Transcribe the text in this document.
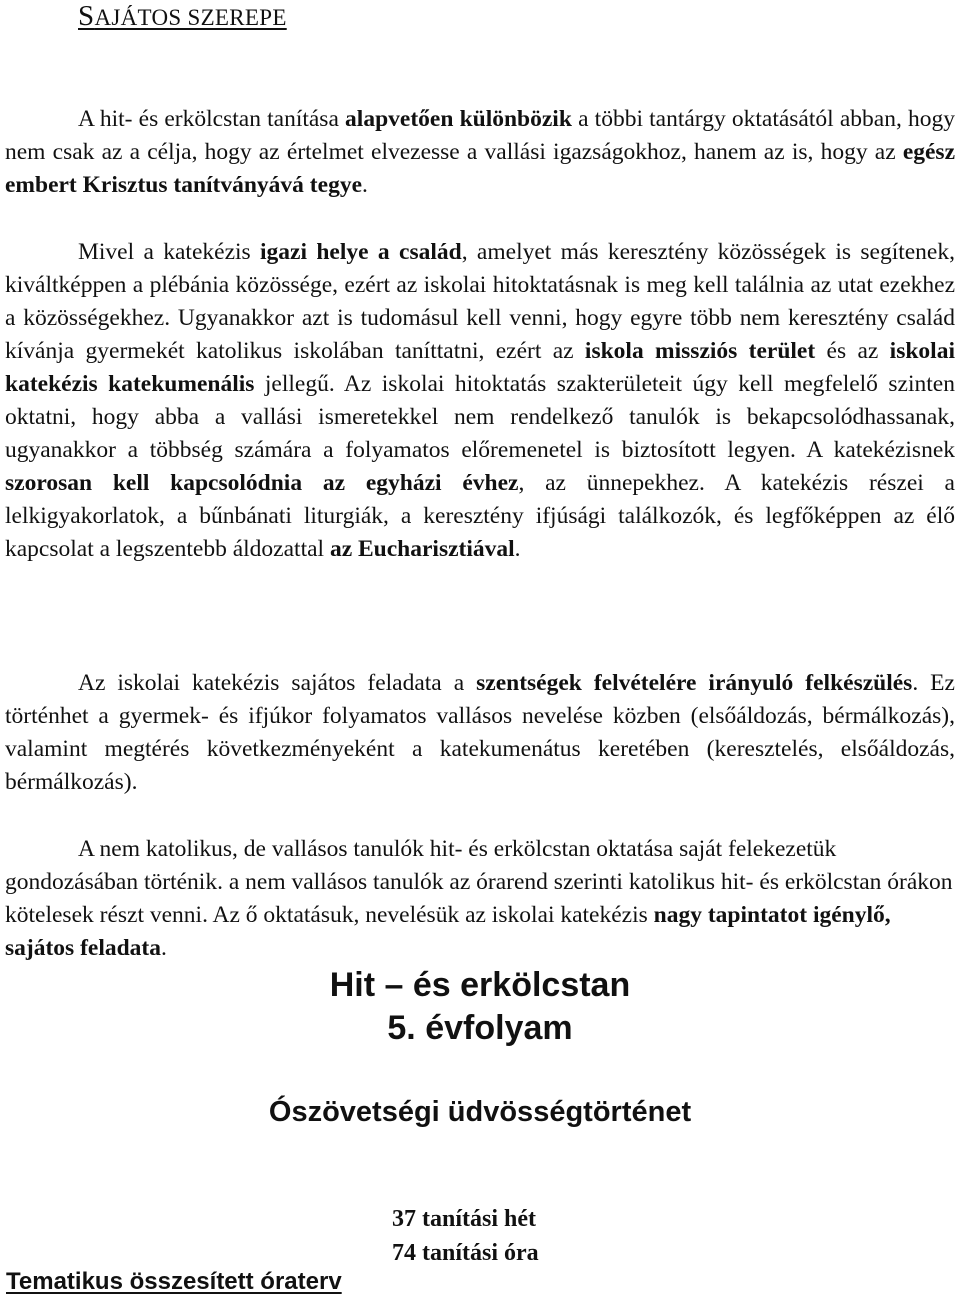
SAJÁTOS SZEREPE

A hit- és erkölcstan tanítása alapvetően különbözik a többi tantárgy oktatásától abban, hogy nem csak az a célja, hogy az értelmet elvezesse a vallási igazságokhoz, hanem az is, hogy az egész embert Krisztus tanítványává tegye.

Mivel a katekézis igazi helye a család, amelyet más keresztény közösségek is segítenek, kiváltképpen a plébánia közössége, ezért az iskolai hitoktatásnak is meg kell találnia az utat ezekhez a közösségekhez. Ugyanakkor azt is tudomásul kell venni, hogy egyre több nem keresztény család kívánja gyermekét katolikus iskolában taníttatni, ezért az iskola missziós terület és az iskolai katekézis katekumenális jellegű. Az iskolai hitoktatás szakterületeit úgy kell megfelelő szinten oktatni, hogy abba a vallási ismeretekkel nem rendelkező tanulók is bekapcsolódhassanak, ugyanakkor a többség számára a folyamatos előremenetel is biztosított legyen. A katekézisnek szorosan kell kapcsolódnia az egyházi évhez, az ünnepekhez. A katekézis részei a lelkigyakorlatok, a bűnbánati liturgiák, a keresztény ifjúsági találkozók, és legfőképpen az élő kapcsolat a legszentebb áldozattal az Eucharisztiával.

Az iskolai katekézis sajátos feladata a szentségek felvételére irányuló felkészülés. Ez történhet a gyermek- és ifjúkor folyamatos vallásos nevelése közben (elsőáldozás, bérmálkozás), valamint megtérés következményeként a katekumenátus keretében (keresztelés, elsőáldozás, bérmálkozás).

A nem katolikus, de vallásos tanulók hit- és erkölcstan oktatása saját felekezetük gondozásában történik. a nem vallásos tanulók az órarend szerinti katolikus hit- és erkölcstan órákon kötelesek részt venni. Az ő oktatásuk, nevelésük az iskolai katekézis nagy tapintatot igénylő, sajátos feladata.

Hit – és erkölcstan
5. évfolyam
Ószövetségi üdvösségtörténet
37 tanítási hét
74 tanítási óra
Tematikus összesített óraterv
